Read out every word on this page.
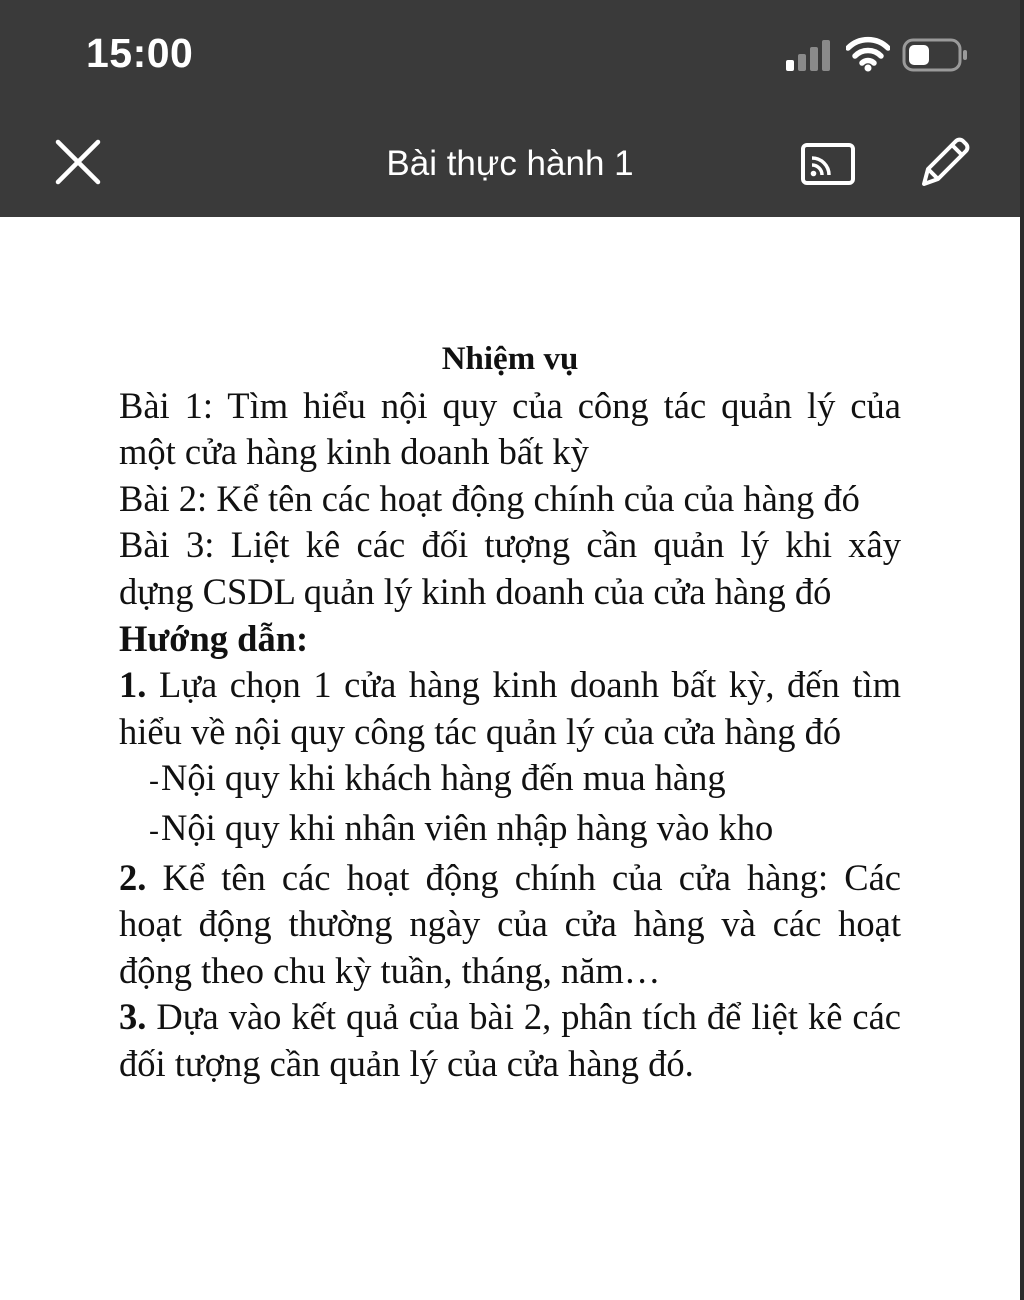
15:00
Bài thực hành 1

Nhiệm vụ

Bài 1: Tìm hiểu nội quy của công tác quản lý của một cửa hàng kinh doanh bất kỳ

Bài 2: Kể tên các hoạt động chính của của hàng đó

Bài 3: Liệt kê các đối tượng cần quản lý khi xây dựng CSDL quản lý kinh doanh của cửa hàng đó

Hướng dẫn:

1. Lựa chọn 1 cửa hàng kinh doanh bất kỳ, đến tìm hiểu về nội quy công tác quản lý của cửa hàng đó

-Nội quy khi khách hàng đến mua hàng

-Nội quy khi nhân viên nhập hàng vào kho

2. Kể tên các hoạt động chính của cửa hàng: Các hoạt động thường ngày của cửa hàng và các hoạt động theo chu kỳ tuần, tháng, năm…

3. Dựa vào kết quả của bài 2, phân tích để liệt kê các đối tượng cần quản lý của cửa hàng đó.
